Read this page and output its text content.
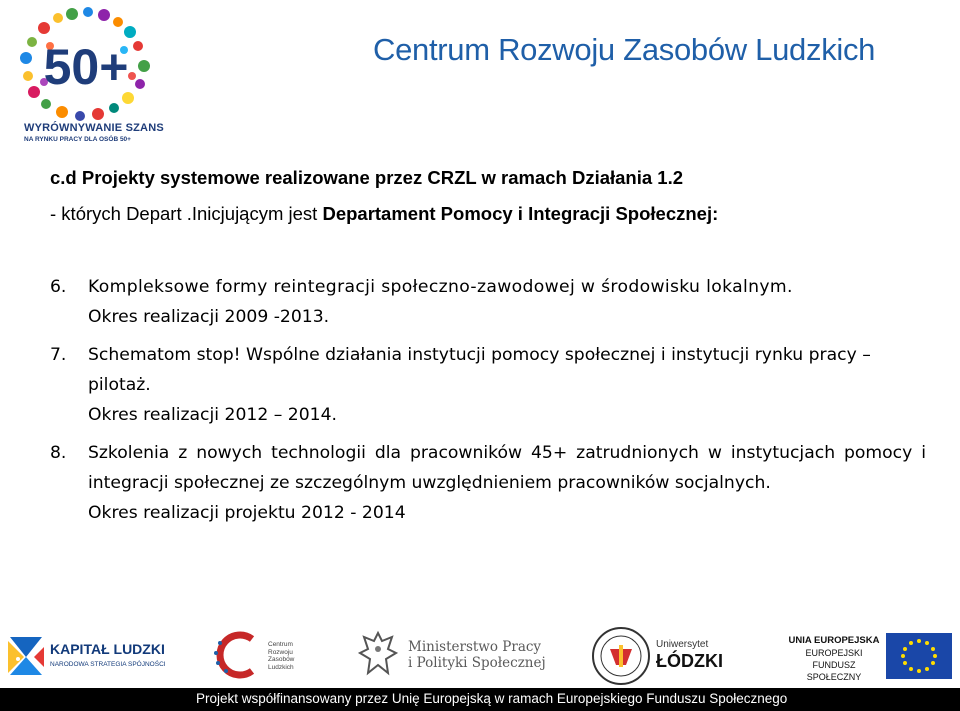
50+
WYRÓWNYWANIE SZANS
NA RYNKU PRACY DLA OSÓB 50+
Centrum Rozwoju Zasobów Ludzkich
c.d Projekty systemowe realizowane przez CRZL w ramach Działania 1.2
- których Depart .Inicjującym jest Departament Pomocy i Integracji Społecznej:
6.	Kompleksowe formy reintegracji społeczno-zawodowej w środowisku lokalnym.
Okres realizacji 2009 -2013.
7.	Schematom stop! Wspólne działania instytucji pomocy społecznej i instytucji rynku pracy – pilotaż.
Okres realizacji 2012 – 2014.
8.	Szkolenia z nowych technologii dla pracowników 45+ zatrudnionych w instytucjach pomocy i integracji społecznej ze szczególnym uwzględnieniem pracowników socjalnych.
Okres realizacji projektu 2012 - 2014
KAPITAŁ LUDZKI
NARODOWA STRATEGIA SPÓJNOŚCI
Centrum
Rozwoju
Zasobów
Ludzkich
Ministerstwo Pracy
i Polityki Społecznej
Uniwersytet
ŁÓDZKI
UNIA EUROPEJSKA
EUROPEJSKI
FUNDUSZ SPOŁECZNY
Projekt współfinansowany przez Unię Europejską w ramach Europejskiego Funduszu Społecznego
